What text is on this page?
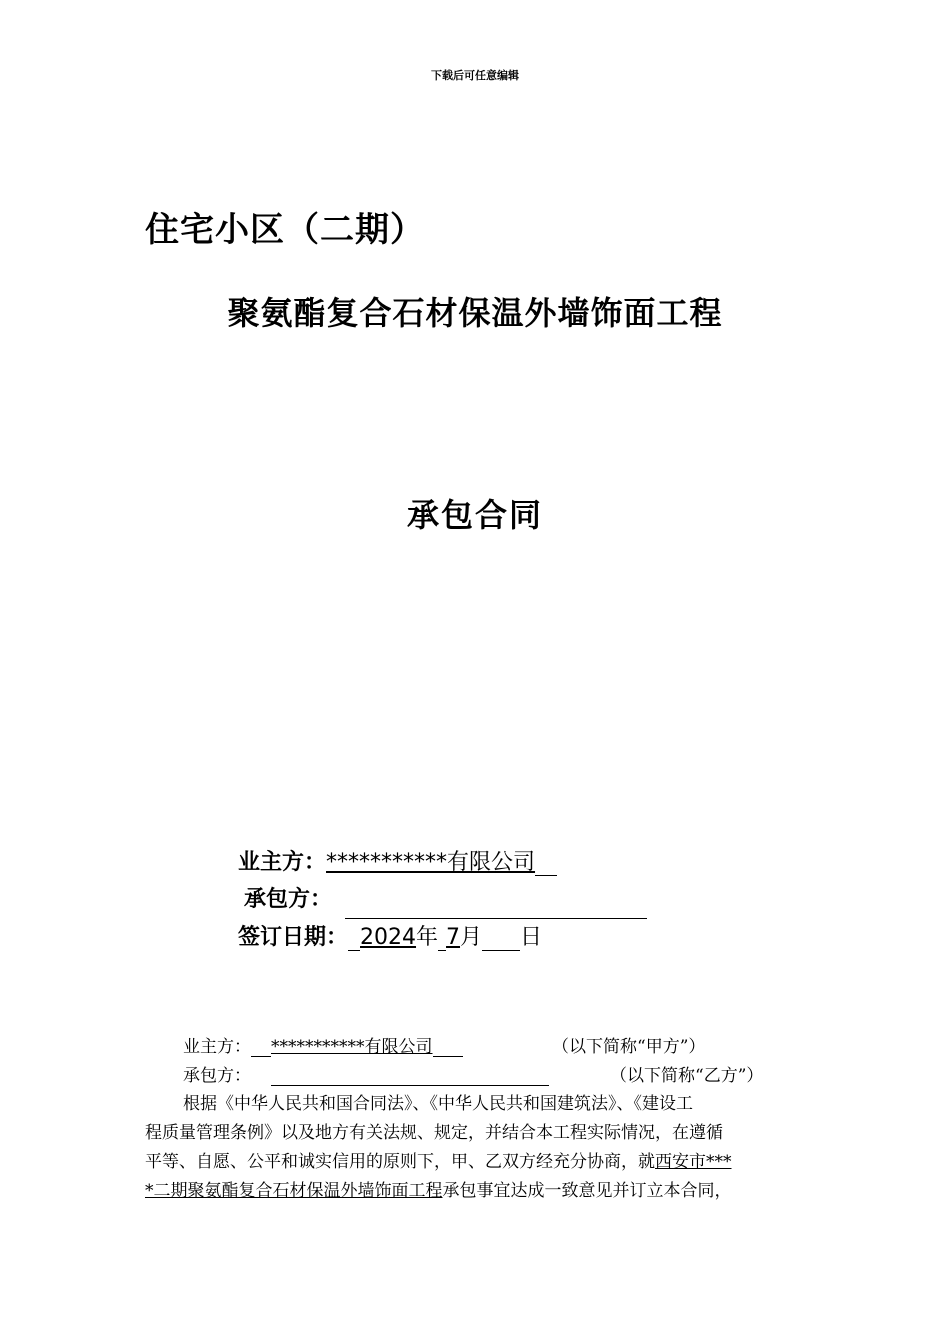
下载后可任意编辑
住宅小区（二期）
聚氨酯复合石材保温外墙饰面工程
承包合同
业主方：***********有限公司
承包方：
签订日期： 2024年 7月 日
业主方： ***********有限公司	（以下简称“甲方”）
承包方：	（以下简称“乙方”）
根据《中华人民共和国合同法》、《中华人民共和国建筑法》、《建设工
程质量管理条例》以及地方有关法规、规定，并结合本工程实际情况，在遵循
平等、自愿、公平和诚实信用的原则下，甲、乙双方经充分协商，就西安市***
*二期聚氨酯复合石材保温外墙饰面工程承包事宜达成一致意见并订立本合同，
